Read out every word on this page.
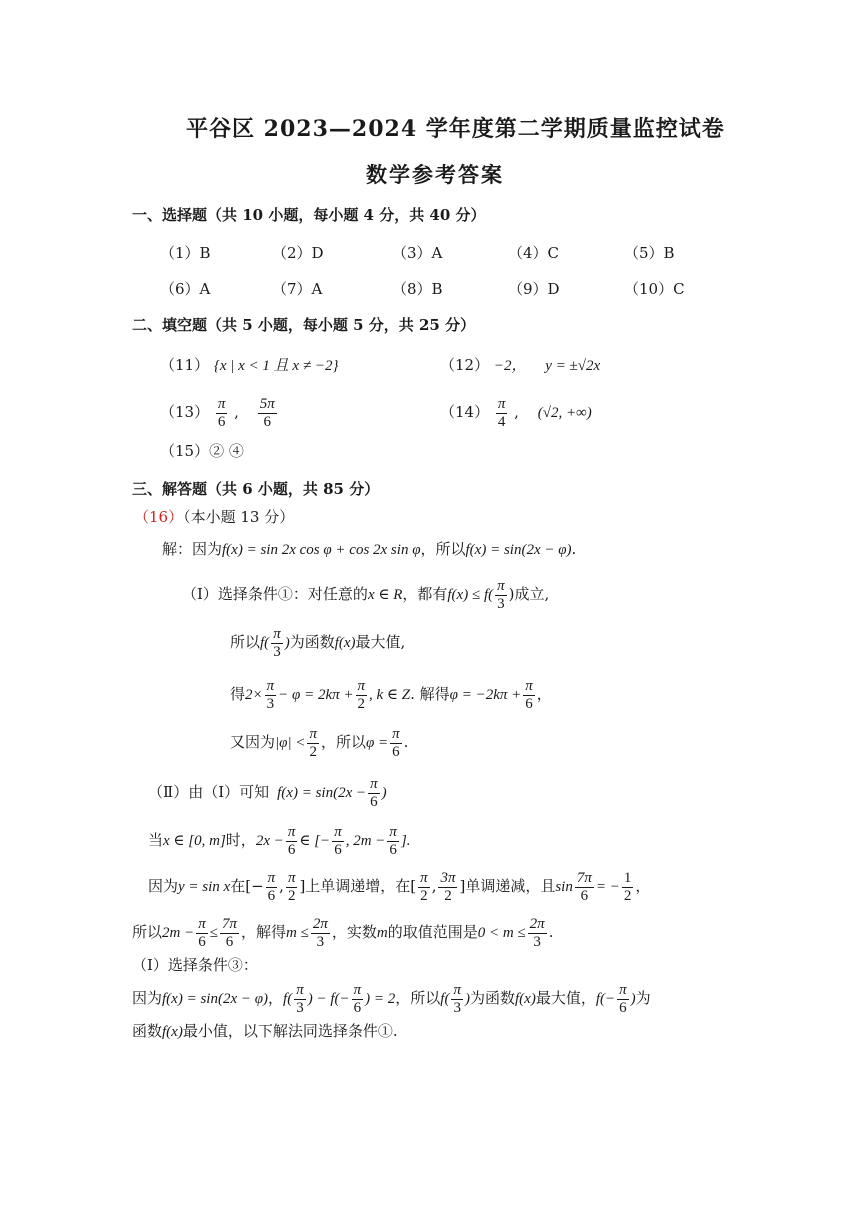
平谷区 2023—2024 学年度第二学期质量监控试卷
数学参考答案
一、选择题（共 10 小题，每小题 4 分，共 40 分）
（1）B	（2）D	（3）A	（4）C	（5）B
（6）A	（7）A	（8）B	（9）D	（10）C
二、填空题（共 5 小题，每小题 5 分，共 25 分）
（11） {x | x < 1 且 x ≠ −2}	（12） −2， y = ±√2x
$(13) \frac{\pi}{6}$ , $\frac{5\pi}{6}$	$(14) \frac{\pi}{4}$ , (√2, +∞)
（15）② ④
三、解答题（共 6 小题，共 85 分）
（16）（本小题 13 分）
解：因为f(x) = sin 2x cos φ + cos 2x sin φ，所以f(x) = sin(2x − φ).
（Ⅰ）选择条件①：对任意的x ∈ R，都有$f(x) \le f( \frac{\pi}{3}$ )成立,
所以$f( \frac{\pi}{3}$ )为函数f(x)最大值,
得$2\times \frac{\pi}{3} - \varphi = 2k\pi + \frac{\pi}{2}$ , k ∈ Z. 解得$\varphi = -2k\pi + \frac{\pi}{6}$ ，
又因为$|\varphi| < \frac{\pi}{2}$ ，所以$\varphi = \frac{\pi}{6}$ .
（Ⅱ）由（Ⅰ）可知 $f(x) = \sin(2x - \frac{\pi}{6}$ )
当x ∈ [0, m]时，$2x - \frac{\pi}{6}$ ∈ [− $\frac{\pi}{6}$ , $2m - \frac{\pi}{6}$ ].
因为y = sin x在[− $\frac{\pi}{6}$ , $\frac{\pi}{2}$ ]上单调递增，在[ $\frac{\pi}{2}$ , $\frac{3\pi}{2}$ ]单调递减，且$\sin \frac{7\pi}{6}$ = − $\frac{1}{2}$ ，
所以$2m - \frac{\pi}{6} \le \frac{7\pi}{6}$ ，解得$m \le \frac{2\pi}{3}$ ，实数m的取值范围是$0 < m \le \frac{2\pi}{3}$ .
（Ⅰ）选择条件③：
因为f(x) = sin(2x − φ)，$f( \frac{\pi}{3}$ ) − $f(- \frac{\pi}{6}$ ) = 2，所以$f( \frac{\pi}{3}$ )为函数f(x)最大值，$f(- \frac{\pi}{6}$ )为
函数f(x)最小值，以下解法同选择条件①.
